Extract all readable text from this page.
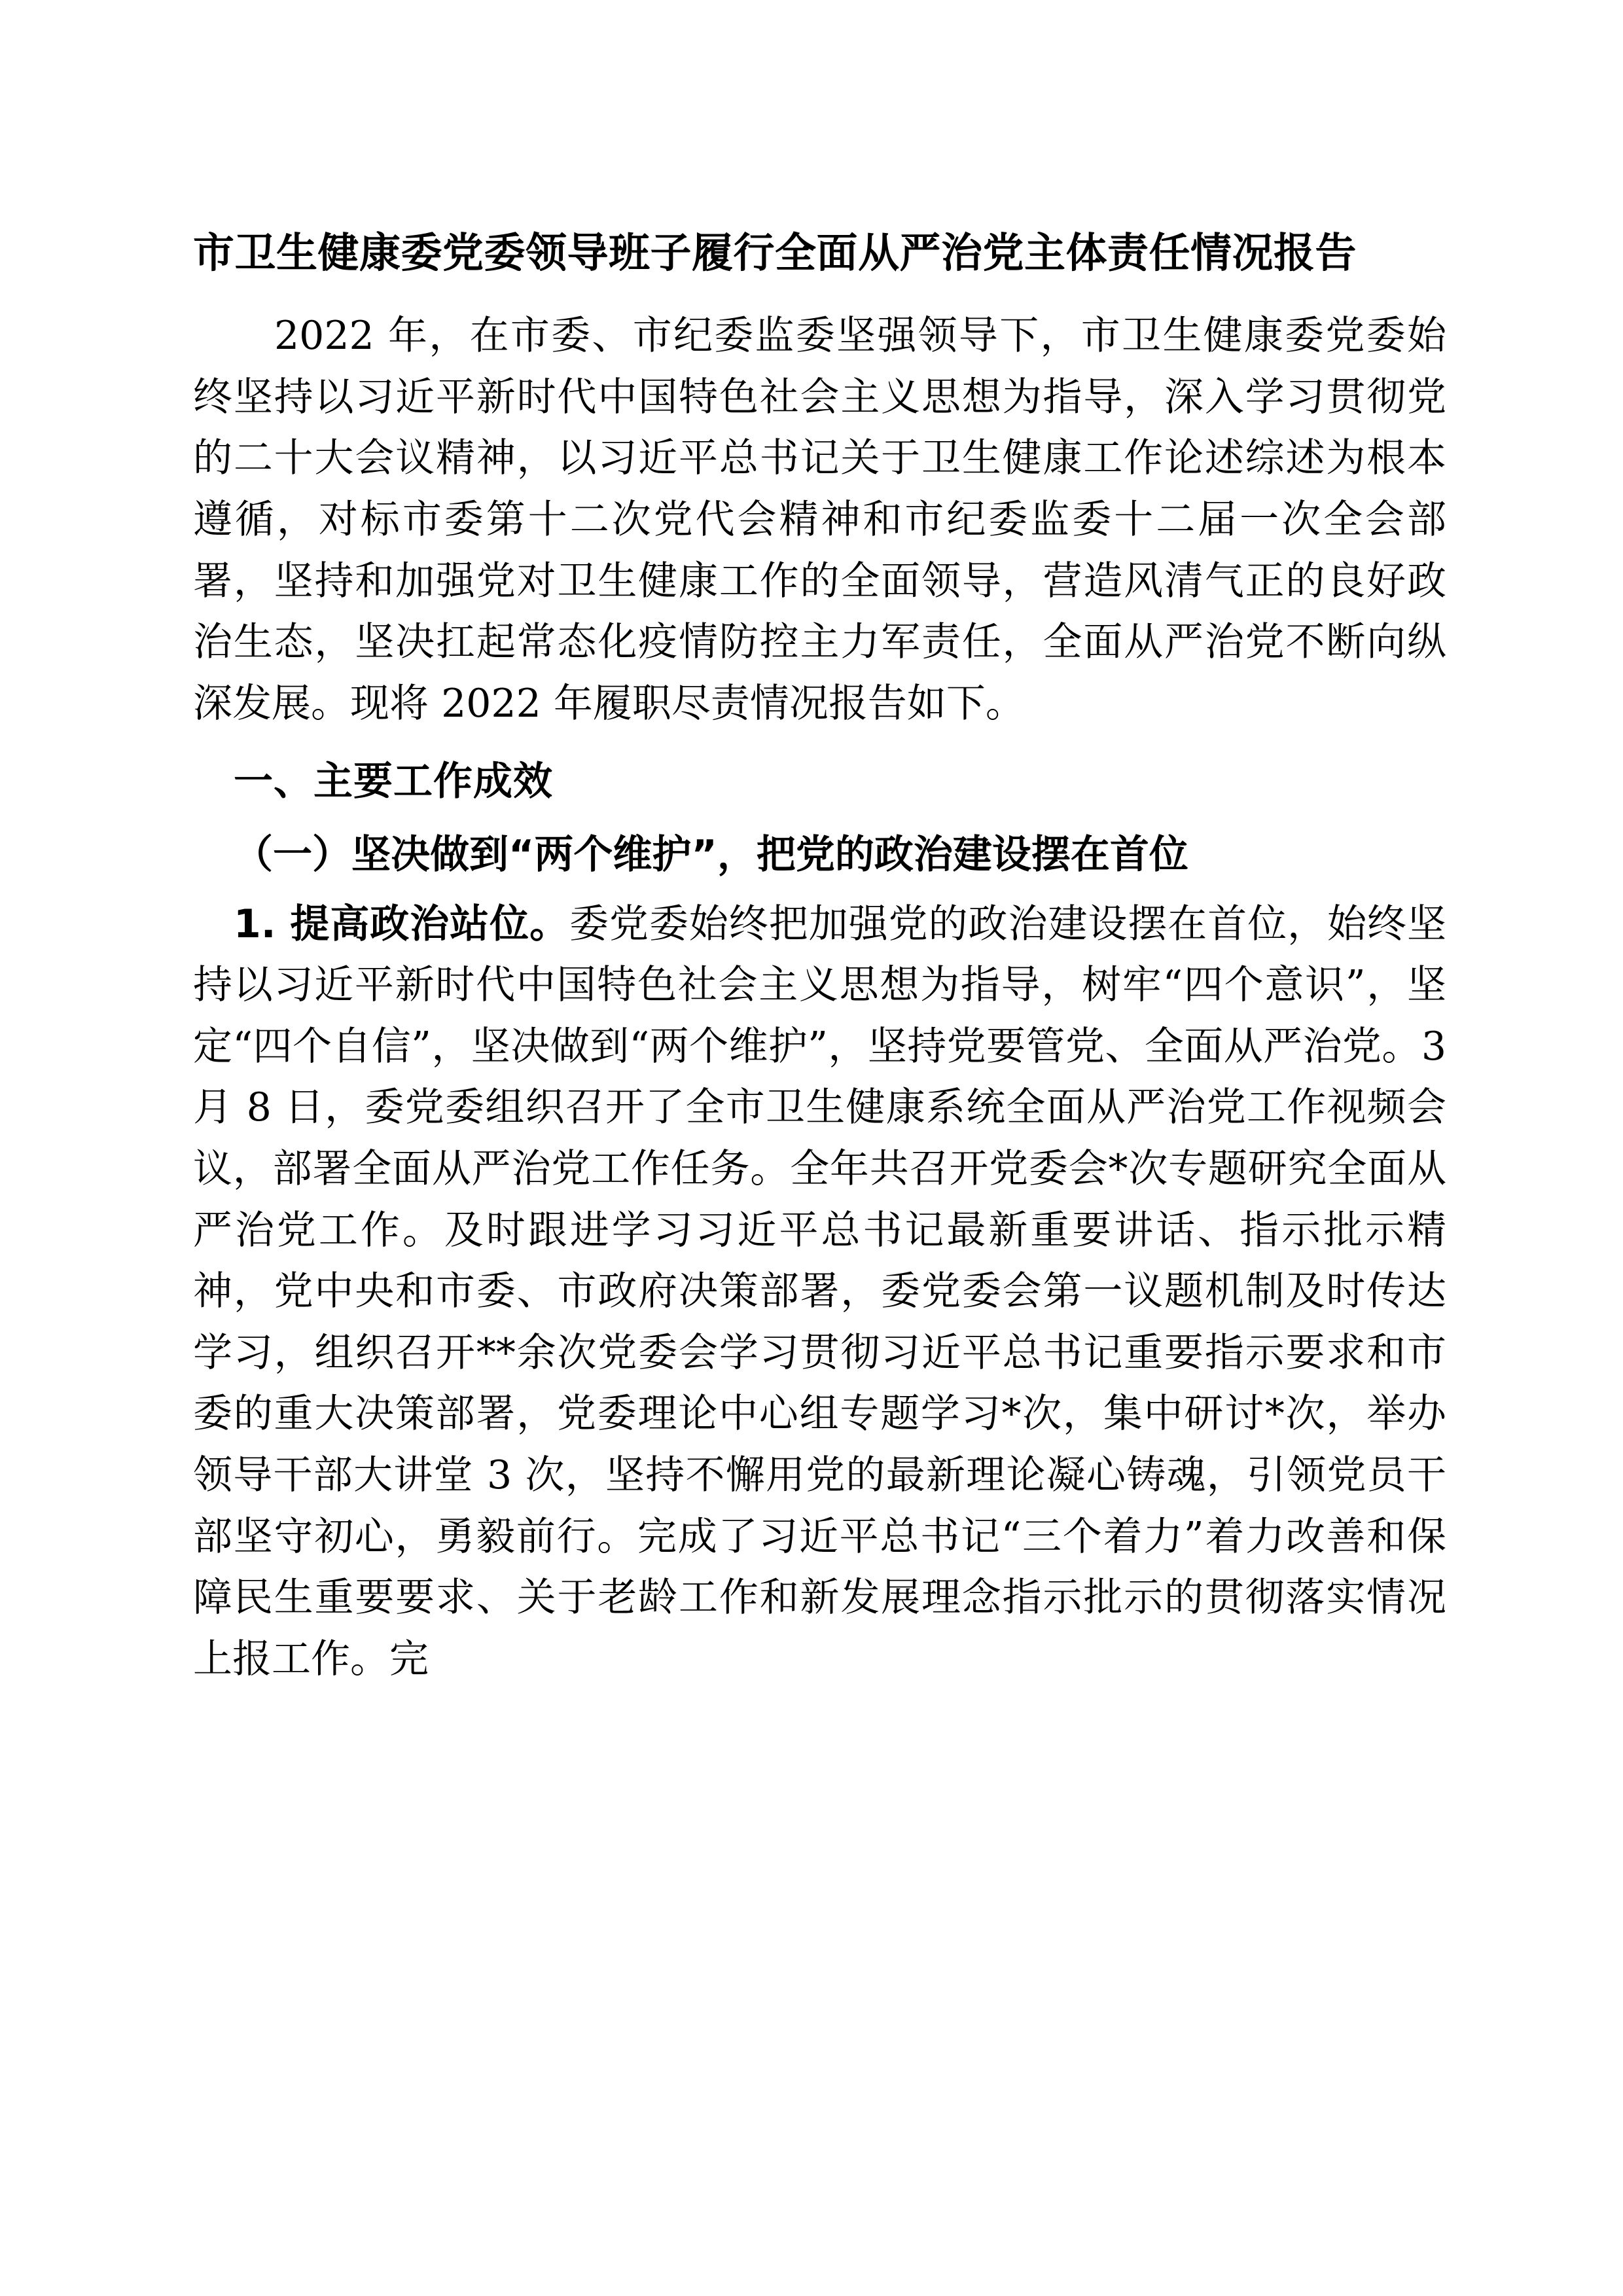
市卫生健康委党委领导班子履行全面从严治党主体责任情况报告

2022 年，在市委、市纪委监委坚强领导下，市卫生健康委党委始终坚持以习近平新时代中国特色社会主义思想为指导，深入学习贯彻党的二十大会议精神，以习近平总书记关于卫生健康工作论述综述为根本遵循，对标市委第十二次党代会精神和市纪委监委十二届一次全会部署，坚持和加强党对卫生健康工作的全面领导，营造风清气正的良好政治生态，坚决扛起常态化疫情防控主力军责任，全面从严治党不断向纵深发展。现将 2022 年履职尽责情况报告如下。

一、主要工作成效
（一）坚决做到“两个维护”，把党的政治建设摆在首位

1. 提高政治站位。委党委始终把加强党的政治建设摆在首位，始终坚持以习近平新时代中国特色社会主义思想为指导，树牢“四个意识”，坚定“四个自信”，坚决做到“两个维护”，坚持党要管党、全面从严治党。3 月 8 日，委党委组织召开了全市卫生健康系统全面从严治党工作视频会议，部署全面从严治党工作任务。全年共召开党委会*次专题研究全面从严治党工作。及时跟进学习习近平总书记最新重要讲话、指示批示精神，党中央和市委、市政府决策部署，委党委会第一议题机制及时传达学习，组织召开**余次党委会学习贯彻习近平总书记重要指示要求和市委的重大决策部署，党委理论中心组专题学习*次，集中研讨*次，举办领导干部大讲堂 3 次，坚持不懈用党的最新理论凝心铸魂，引领党员干部坚守初心，勇毅前行。完成了习近平总书记“三个着力”着力改善和保障民生重要要求、关于老龄工作和新发展理念指示批示的贯彻落实情况上报工作。完
